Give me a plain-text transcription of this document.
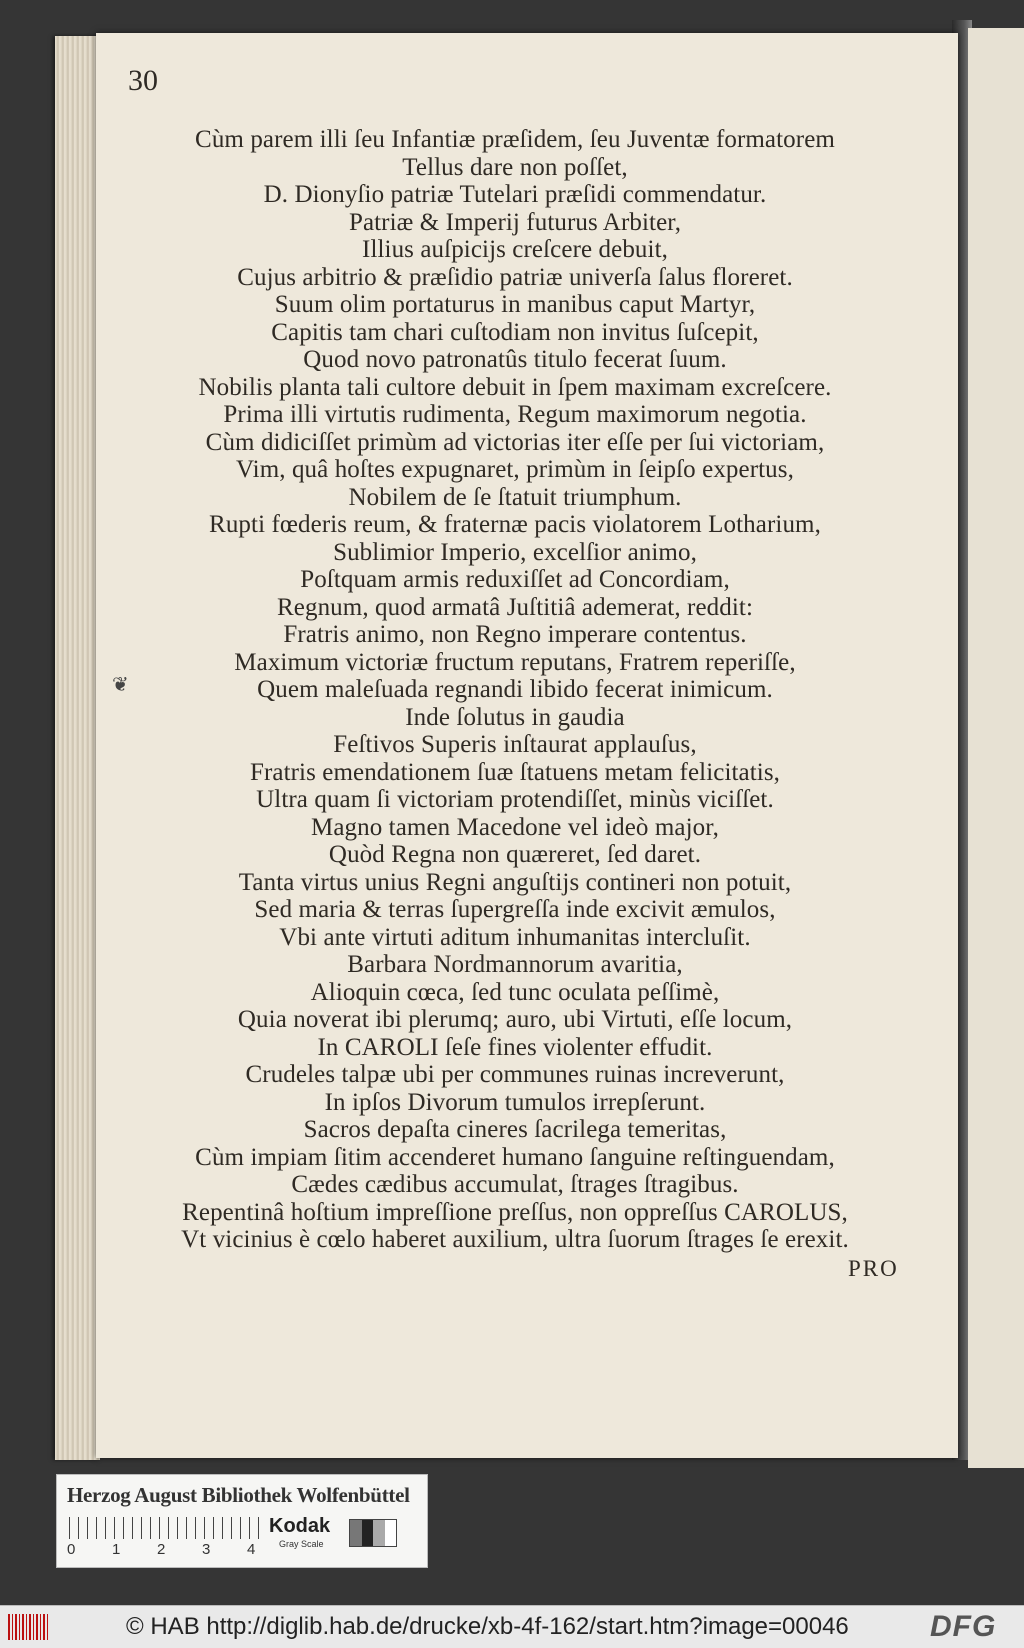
30
❦
Cùm parem illi ſeu Infantiæ præſidem, ſeu Juventæ formatorem
Tellus dare non poſſet,
D. Dionyſio patriæ Tutelari præſidi commendatur.
Patriæ & Imperij futurus Arbiter,
Illius auſpicijs creſcere debuit,
Cujus arbitrio & præſidio patriæ univerſa ſalus floreret.
Suum olim portaturus in manibus caput Martyr,
Capitis tam chari cuſtodiam non invitus ſuſcepit,
Quod novo patronatûs titulo fecerat ſuum.
Nobilis planta tali cultore debuit in ſpem maximam excreſcere.
Prima illi virtutis rudimenta, Regum maximorum negotia.
Cùm didiciſſet primùm ad victorias iter eſſe per ſui victoriam,
Vim, quâ hoſtes expugnaret, primùm in ſeipſo expertus,
Nobilem de ſe ſtatuit triumphum.
Rupti fœderis reum, & fraternæ pacis violatorem Lotharium,
Sublimior Imperio, excelſior animo,
Poſtquam armis reduxiſſet ad Concordiam,
Regnum, quod armatâ Juſtitiâ ademerat, reddit:
Fratris animo, non Regno imperare contentus.
Maximum victoriæ fructum reputans, Fratrem reperiſſe,
Quem maleſuada regnandi libido fecerat inimicum.
Inde ſolutus in gaudia
Feſtivos Superis inſtaurat applauſus,
Fratris emendationem ſuæ ſtatuens metam felicitatis,
Ultra quam ſi victoriam protendiſſet, minùs viciſſet.
Magno tamen Macedone vel ideò major,
Quòd Regna non quæreret, ſed daret.
Tanta virtus unius Regni anguſtijs contineri non potuit,
Sed maria & terras ſupergreſſa inde excivit æmulos,
Vbi ante virtuti aditum inhumanitas intercluſit.
Barbara Nordmannorum avaritia,
Alioquin cœca, ſed tunc oculata peſſimè,
Quia noverat ibi plerumq; auro, ubi Virtuti, eſſe locum,
In CAROLI ſeſe fines violenter effudit.
Crudeles talpæ ubi per communes ruinas increverunt,
In ipſos Divorum tumulos irrepſerunt.
Sacros depaſta cineres ſacrilega temeritas,
Cùm impiam ſitim accenderet humano ſanguine reſtinguendam,
Cædes cædibus accumulat, ſtrages ſtragibus.
Repentinâ hoſtium impreſſione preſſus, non oppreſſus CAROLUS,
Vt vicinius è cœlo haberet auxilium, ultra ſuorum ſtrages ſe erexit.
PRO
Herzog August Bibliothek Wolfenbüttel
0 1 2 3 4
Kodak
Gray Scale
© HAB http://diglib.hab.de/drucke/xb-4f-162/start.htm?image=00046	DFG
